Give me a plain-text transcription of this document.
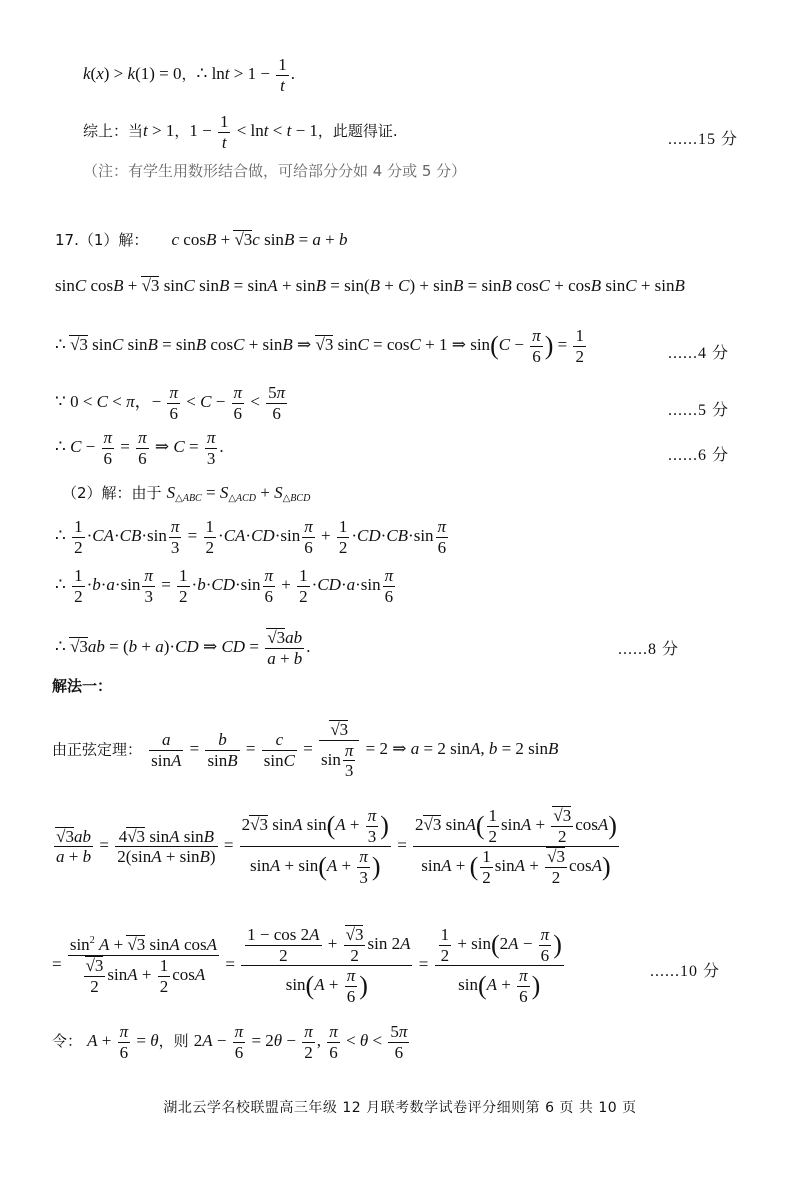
k(x) > k(1) = 0，∴ $\ln t > 1 - \frac{1}{t}$ .
综上：当t > 1，$1 - \frac{1}{t} < \ln t < t - 1$，此题得证.	......15 分
（注：有学生用数形结合做，可给部分分如 4 分或 5 分）
17.（1）解： c cosB + √3c sinB = a + b
sinC cosB + √3 sinC sinB = sinA + sinB = sin(B + C) + sinB = sinB cosC + cosB sinC + sinB
∴ √3 sinC sinB = sinB cosC + sinB ⇒ √3 sinC = cosC + 1 ⇒ $\sin(C - \frac{\pi}{6}$ ) = $\frac{1}{2}$	......4 分
∵ 0 < C < π，− $\frac{\pi}{6} < C - \frac{\pi}{6} < \frac{5\pi}{6}$	......5 分
∴ $C - \frac{\pi}{6} = \frac{\pi}{6}$ ⇒ $C = \frac{\pi}{3}$ .	......6 分
（2）解：由于 $S_{\triangle ABC} = S_{\triangle ACD} + S_{\triangle BCD}$
∴ $\frac{1}{2} \cdot CA\cdot CB\cdot\sin \frac{\pi}{3} = \frac{1}{2} \cdot CA\cdot CD\cdot\sin \frac{\pi}{6} + \frac{1}{2} \cdot CD\cdot CB\cdot\sin \frac{\pi}{6}$
∴ $\frac{1}{2} \cdot b\cdot a\cdot\sin \frac{\pi}{3} = \frac{1}{2} \cdot b\cdot CD\cdot\sin \frac{\pi}{6} + \frac{1}{2} \cdot CD\cdot a\cdot\sin \frac{\pi}{6}$
∴ √3ab = (b + a)·CD ⇒ CD = $\frac{√3ab}{a + b}$ .	......8 分
解法一：
由正弦定理： $\frac{a}{\sin A} = \frac{b}{\sin B} = \frac{c}{\sin C} = \frac{√3}{\sin \frac{\pi}{3}} = 2$ ⇒ a = 2 sinA, b = 2 sinB
$\frac{√3ab}{a + b} = \frac{\text{4√3 sinA sinB}}{2(\sin A + \sin B)} = \frac{2√3 \sin A \sin(A + \frac{\pi}{3} )}{\sin A + \sin(A + \frac{\pi}{3} )} = \frac{2√3 \sin A( \frac{1}{2} \sin A + \frac{√3}{2} \cos A)}{\sin A + ( \frac{1}{2} \sin A + \frac{√3}{2} \cos A)}$
= $\frac{\sin^2 A + √3 \sin A \cos A}{\frac{√3}{2} \sin A + \frac{1}{2} \cos A} = \frac{\frac{1 - \cos 2A}{2} + \frac{√3}{2} \sin 2A}{\sin(A + \frac{\pi}{6} )} = \frac{\frac{1}{2} + \sin(2A - \frac{\pi}{6} )}{\sin(A + \frac{\pi}{6} )}$	......10 分
令： $A + \frac{\pi}{6} = \theta$，则 $2A - \frac{\pi}{6} = 2\theta - \frac{\pi}{2}$ , $\frac{\pi}{6} < \theta < \frac{5\pi}{6}$
湖北云学名校联盟高三年级 12 月联考数学试卷评分细则第 6 页 共 10 页
